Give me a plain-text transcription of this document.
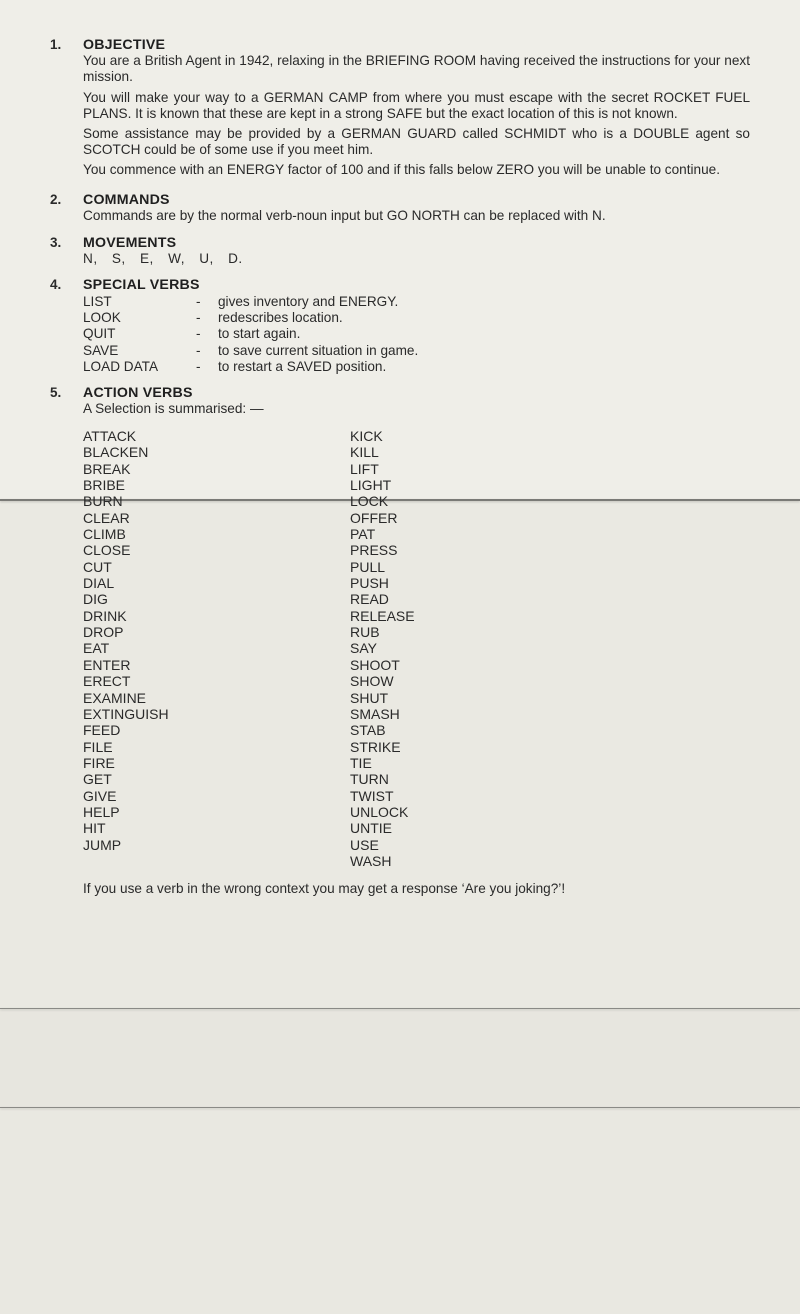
1. OBJECTIVE

You are a British Agent in 1942, relaxing in the BRIEFING ROOM having received the instructions for your next mission.

You will make your way to a GERMAN CAMP from where you must escape with the secret ROCKET FUEL PLANS. It is known that these are kept in a strong SAFE but the exact location of this is not known.

Some assistance may be provided by a GERMAN GUARD called SCHMIDT who is a DOUBLE agent so SCOTCH could be of some use if you meet him.

You commence with an ENERGY factor of 100 and if this falls below ZERO you will be unable to continue.

2. COMMANDS
Commands are by the normal verb-noun input but GO NORTH can be replaced with N.
3. MOVEMENTS
N, S, E, W, U, D.
4. SPECIAL VERBS
LIST	-	gives inventory and ENERGY.
LOOK	-	redescribes location.
QUIT	-	to start again.
SAVE	-	to save current situation in game.
LOAD DATA	-	to restart a SAVED position.
5. ACTION VERBS
A Selection is summarised: —
ATTACK
BLACKEN
BREAK
BRIBE
BURN
CLEAR
CLIMB
CLOSE
CUT
DIAL
DIG
DRINK
DROP
EAT
ENTER
ERECT
EXAMINE
EXTINGUISH
FEED
FILE
FIRE
GET
GIVE
HELP
HIT
JUMP
KICK
KILL
LIFT
LIGHT
LOCK
OFFER
PAT
PRESS
PULL
PUSH
READ
RELEASE
RUB
SAY
SHOOT
SHOW
SHUT
SMASH
STAB
STRIKE
TIE
TURN
TWIST
UNLOCK
UNTIE
USE
WASH
If you use a verb in the wrong context you may get a response ‘Are you joking?’!
